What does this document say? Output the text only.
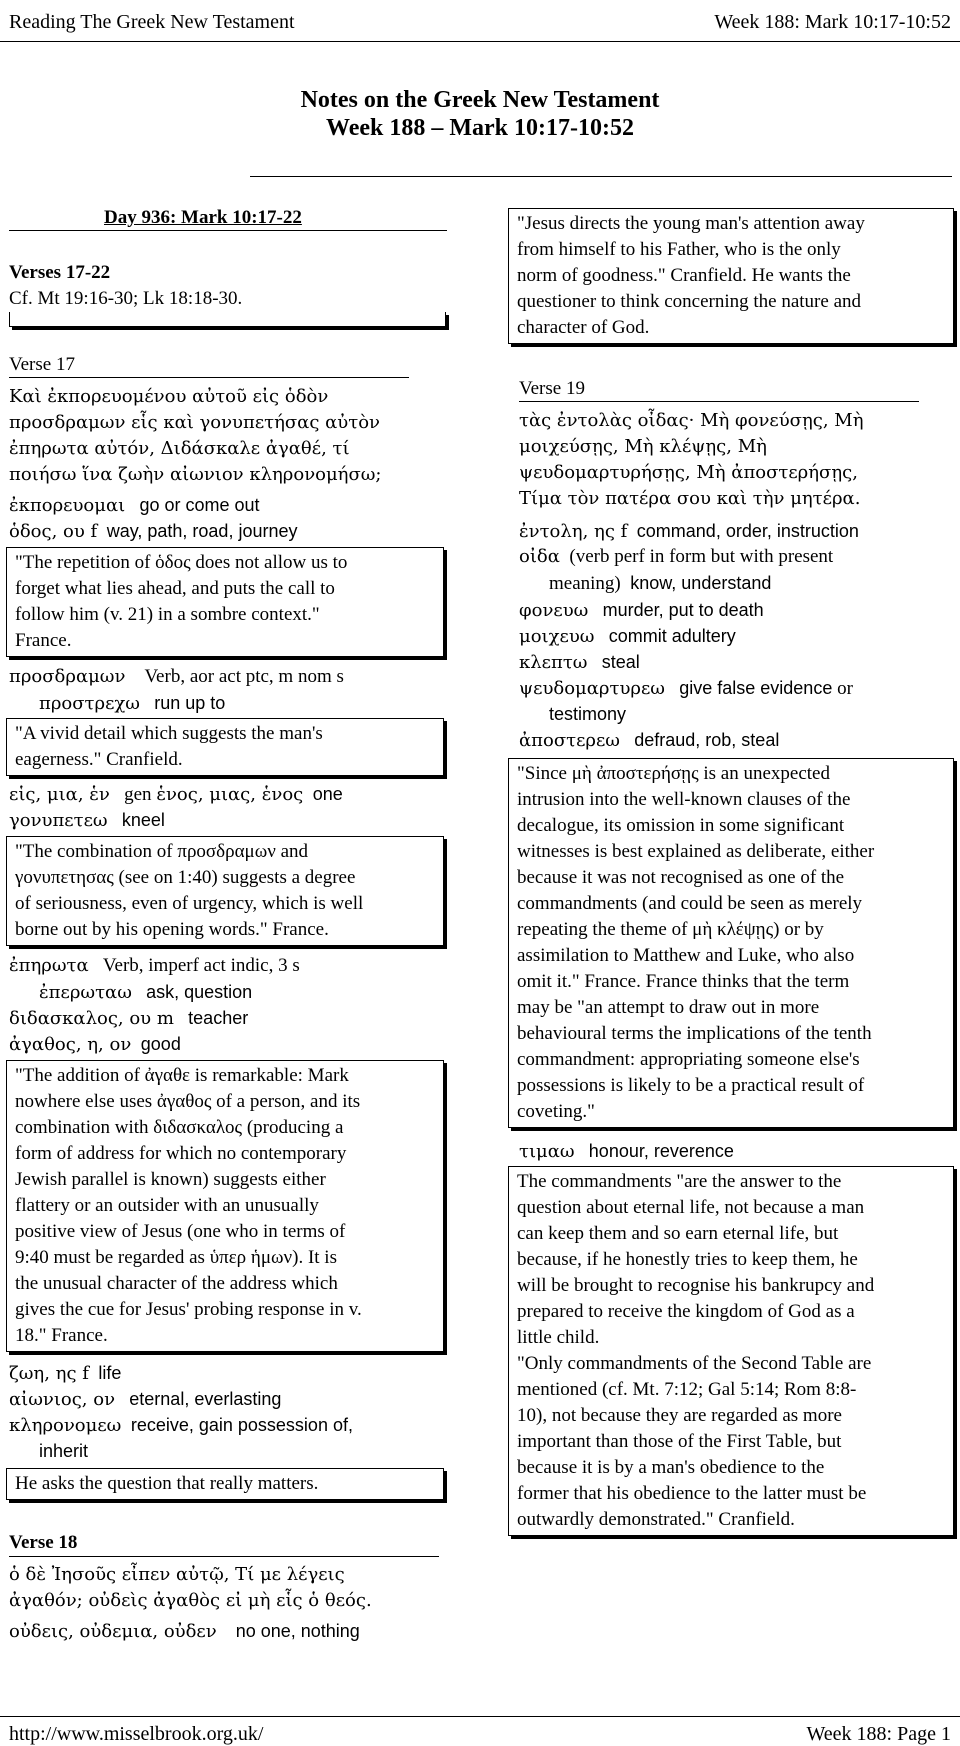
Reading The Greek New Testament	Week 188: Mark 10:17-10:52
Notes on the Greek New Testament
Week 188 – Mark 10:17-10:52
Day 936: Mark 10:17-22
Verses 17-22
Cf. Mt 19:16-30; Lk 18:18-30.
Verse 17
Καὶ ἐκπορευομένου αὐτοῦ εἰς ὁδὸν
προσδραμων εἷς καὶ γονυπετήσας αὐτὸν
ἐπηρωτα αὐτόν, Διδάσκαλε ἀγαθέ, τί
ποιήσω ἵνα ζωὴν αἰωνιον κληρονομήσω;
ἐκπορευομαι go or come out
ὁδος, ου f way, path, road, journey
"The repetition of ὁδος does not allow us to
forget what lies ahead, and puts the call to
follow him (v. 21) in a sombre context."
France.
προσδραμων Verb, aor act ptc, m nom s
προστρεχω run up to
"A vivid detail which suggests the man's
eagerness." Cranfield.
εἱς, μια, ἑν gen ἑνος, μιας, ἑνος one
γονυπετεω kneel
"The combination of προσδραμων and
γονυπετησας (see on 1:40) suggests a degree
of seriousness, even of urgency, which is well
borne out by his opening words." France.
ἐπηρωτα Verb, imperf act indic, 3 s
ἐπερωταω ask, question
διδασκαλος, ου m teacher
ἀγαθος, η, ον good
"The addition of ἀγαθε is remarkable: Mark
nowhere else uses ἀγαθος of a person, and its
combination with διδασκαλος (producing a
form of address for which no contemporary
Jewish parallel is known) suggests either
flattery or an outsider with an unusually
positive view of Jesus (one who in terms of
9:40 must be regarded as ὑπερ ἡμων). It is
the unusual character of the address which
gives the cue for Jesus' probing response in v.
18." France.
ζωη, ης f life
αἰωνιος, ον eternal, everlasting
κληρονομεω receive, gain possession of,
inherit
He asks the question that really matters.
Verse 18
ὁ δὲ Ἰησοῦς εἶπεν αὐτῷ, Τί με λέγεις
ἀγαθόν; οὐδεὶς ἀγαθὸς εἰ μὴ εἷς ὁ θεός.
οὐδεις, οὐδεμια, οὐδεν no one, nothing
"Jesus directs the young man's attention away
from himself to his Father, who is the only
norm of goodness." Cranfield. He wants the
questioner to think concerning the nature and
character of God.
Verse 19
τὰς ἐντολὰς οἶδας· Μὴ φονεύσῃς, Μὴ
μοιχεύσῃς, Μὴ κλέψῃς, Μὴ
ψευδομαρτυρήσῃς, Μὴ ἀποστερήσῃς,
Τίμα τὸν πατέρα σου καὶ τὴν μητέρα.
ἐντολη, ης f command, order, instruction
οἰδα (verb perf in form but with present
meaning) know, understand
φονευω murder, put to death
μοιχευω commit adultery
κλεπτω steal
ψευδομαρτυρεω give false evidence or
testimony
ἀποστερεω defraud, rob, steal
"Since μὴ ἀποστερήσῃς is an unexpected
intrusion into the well-known clauses of the
decalogue, its omission in some significant
witnesses is best explained as deliberate, either
because it was not recognised as one of the
commandments (and could be seen as merely
repeating the theme of μὴ κλέψῃς) or by
assimilation to Matthew and Luke, who also
omit it." France. France thinks that the term
may be "an attempt to draw out in more
behavioural terms the implications of the tenth
commandment: appropriating someone else's
possessions is likely to be a practical result of
coveting."
τιμαω honour, reverence
The commandments "are the answer to the
question about eternal life, not because a man
can keep them and so earn eternal life, but
because, if he honestly tries to keep them, he
will be brought to recognise his bankrupcy and
prepared to receive the kingdom of God as a
little child.
"Only commandments of the Second Table are
mentioned (cf. Mt. 7:12; Gal 5:14; Rom 8:8-
10), not because they are regarded as more
important than those of the First Table, but
because it is by a man's obedience to the
former that his obedience to the latter must be
outwardly demonstrated." Cranfield.
http://www.misselbrook.org.uk/	Week 188: Page 1
